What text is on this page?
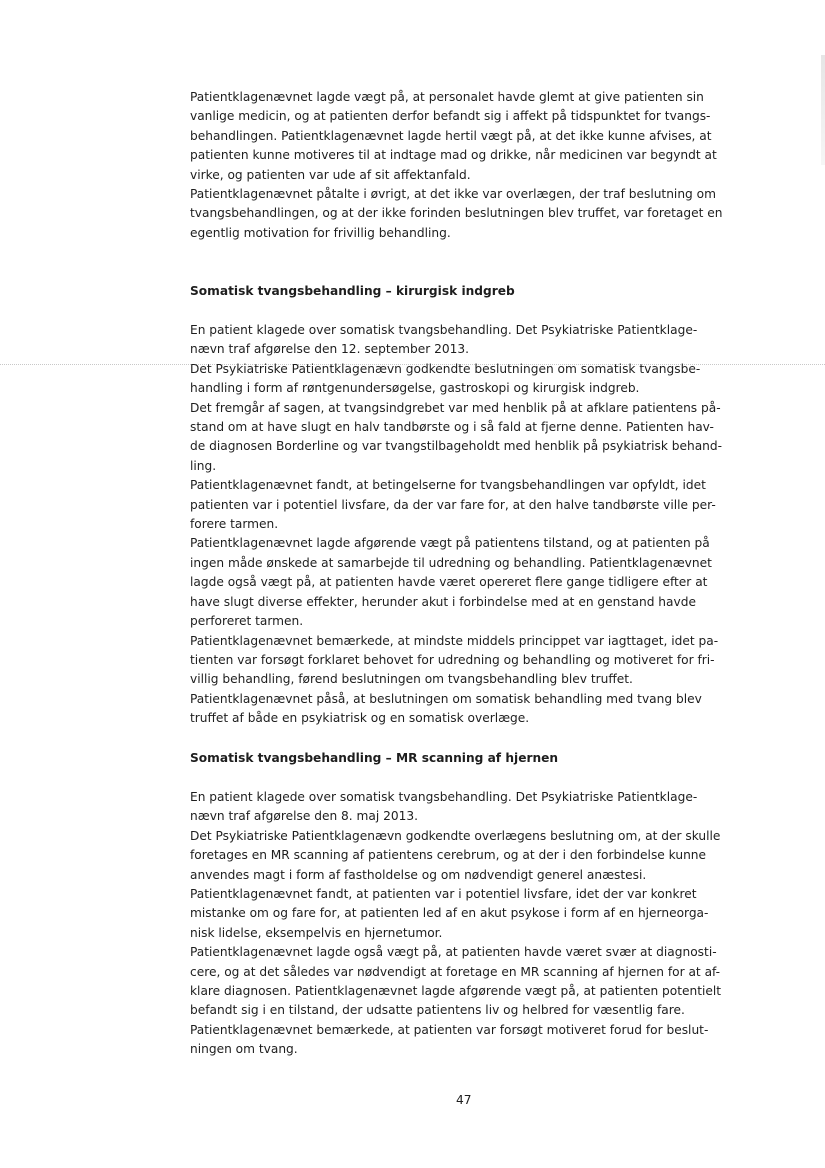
Patientklagenævnet lagde vægt på, at personalet havde glemt at give patienten sin
vanlige medicin, og at patienten derfor befandt sig i affekt på tidspunktet for tvangs-
behandlingen. Patientklagenævnet lagde hertil vægt på, at det ikke kunne afvises, at
patienten kunne motiveres til at indtage mad og drikke, når medicinen var begyndt at
virke, og patienten var ude af sit affektanfald.
Patientklagenævnet påtalte i øvrigt, at det ikke var overlægen, der traf beslutning om
tvangsbehandlingen, og at der ikke forinden beslutningen blev truffet, var foretaget en
egentlig motivation for frivillig behandling.
Somatisk tvangsbehandling – kirurgisk indgreb
En patient klagede over somatisk tvangsbehandling. Det Psykiatriske Patientklage-
nævn traf afgørelse den 12. september 2013.
Det Psykiatriske Patientklagenævn godkendte beslutningen om somatisk tvangsbe-
handling i form af røntgenundersøgelse, gastroskopi og kirurgisk indgreb.
Det fremgår af sagen, at tvangsindgrebet var med henblik på at afklare patientens på-
stand om at have slugt en halv tandbørste og i så fald at fjerne denne. Patienten hav-
de diagnosen Borderline og var tvangstilbageholdt med henblik på psykiatrisk behand-
ling.
Patientklagenævnet fandt, at betingelserne for tvangsbehandlingen var opfyldt, idet
patienten var i potentiel livsfare, da der var fare for, at den halve tandbørste ville per-
forere tarmen.
Patientklagenævnet lagde afgørende vægt på patientens tilstand, og at patienten på
ingen måde ønskede at samarbejde til udredning og behandling. Patientklagenævnet
lagde også vægt på, at patienten havde været opereret flere gange tidligere efter at
have slugt diverse effekter, herunder akut i forbindelse med at en genstand havde
perforeret tarmen.
Patientklagenævnet bemærkede, at mindste middels princippet var iagttaget, idet pa-
tienten var forsøgt forklaret behovet for udredning og behandling og motiveret for fri-
villig behandling, førend beslutningen om tvangsbehandling blev truffet.
Patientklagenævnet påså, at beslutningen om somatisk behandling med tvang blev
truffet af både en psykiatrisk og en somatisk overlæge.
Somatisk tvangsbehandling – MR scanning af hjernen
En patient klagede over somatisk tvangsbehandling. Det Psykiatriske Patientklage-
nævn traf afgørelse den 8. maj 2013.
Det Psykiatriske Patientklagenævn godkendte overlægens beslutning om, at der skulle
foretages en MR scanning af patientens cerebrum, og at der i den forbindelse kunne
anvendes magt i form af fastholdelse og om nødvendigt generel anæstesi.
Patientklagenævnet fandt, at patienten var i potentiel livsfare, idet der var konkret
mistanke om og fare for, at patienten led af en akut psykose i form af en hjerneorga-
nisk lidelse, eksempelvis en hjernetumor.
Patientklagenævnet lagde også vægt på, at patienten havde været svær at diagnosti-
cere, og at det således var nødvendigt at foretage en MR scanning af hjernen for at af-
klare diagnosen. Patientklagenævnet lagde afgørende vægt på, at patienten potentielt
befandt sig i en tilstand, der udsatte patientens liv og helbred for væsentlig fare.
Patientklagenævnet bemærkede, at patienten var forsøgt motiveret forud for beslut-
ningen om tvang.
47
